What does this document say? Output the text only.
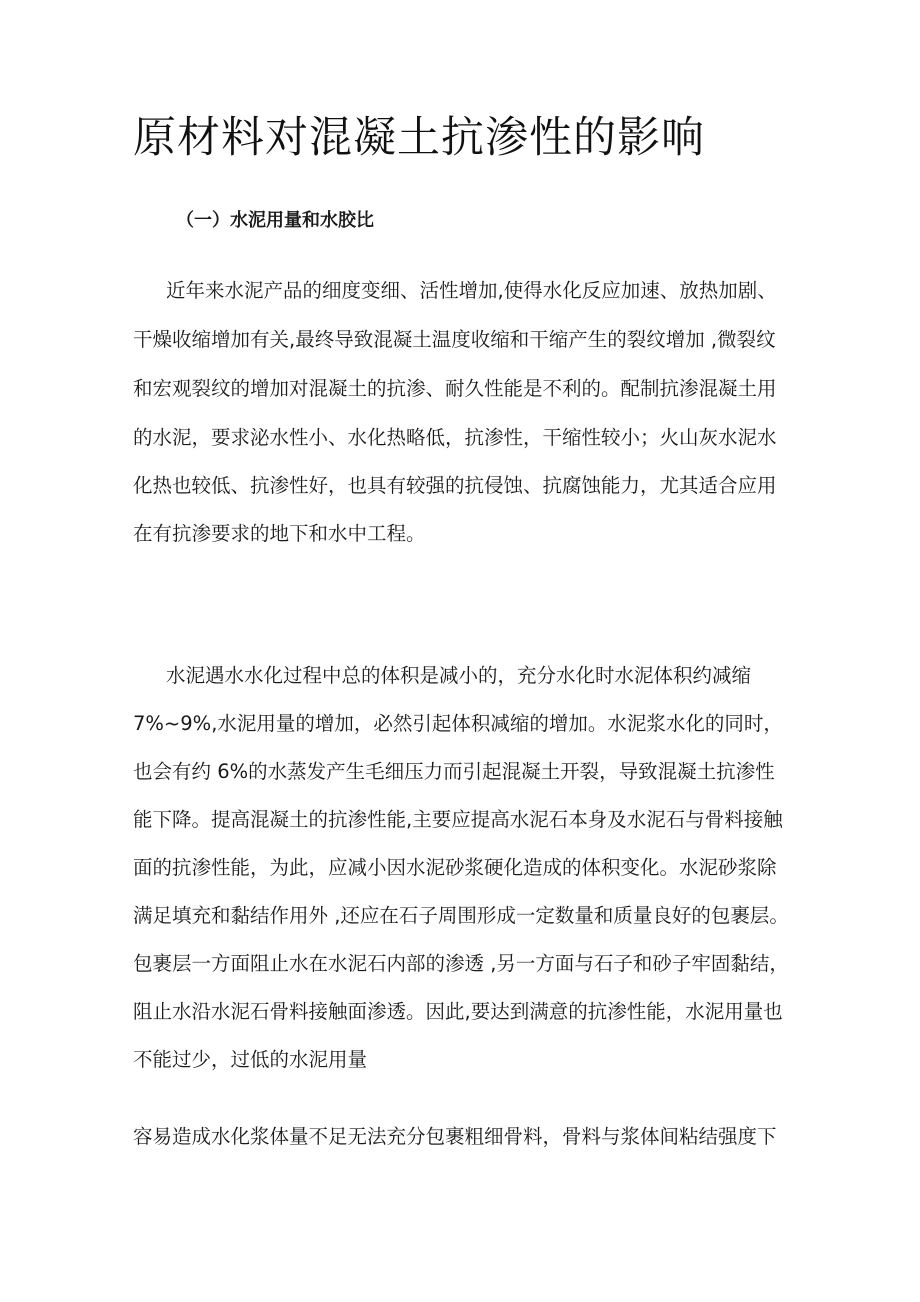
原材料对混凝土抗渗性的影响
（一）水泥用量和水胶比

近年来水泥产品的细度变细、活性增加,使得水化反应加速、放热加剧、

干燥收缩增加有关,最终导致混凝土温度收缩和干缩产生的裂纹增加 ,微裂纹

和宏观裂纹的增加对混凝土的抗渗、耐久性能是不利的。配制抗渗混凝土用

的水泥，要求泌水性小、水化热略低，抗渗性，干缩性较小；火山灰水泥水

化热也较低、抗渗性好，也具有较强的抗侵蚀、抗腐蚀能力，尤其适合应用

在有抗渗要求的地下和水中工程。

水泥遇水水化过程中总的体积是减小的，充分水化时水泥体积约减缩

7%~9%,水泥用量的增加，必然引起体积减缩的增加。水泥浆水化的同时，

也会有约 6%的水蒸发产生毛细压力而引起混凝土开裂，导致混凝土抗渗性

能下降。提高混凝土的抗渗性能,主要应提高水泥石本身及水泥石与骨料接触

面的抗渗性能，为此，应减小因水泥砂浆硬化造成的体积变化。水泥砂浆除

满足填充和黏结作用外 ,还应在石子周围形成一定数量和质量良好的包裹层。

包裹层一方面阻止水在水泥石内部的渗透 ,另一方面与石子和砂子牢固黏结，

阻止水沿水泥石骨料接触面渗透。因此,要达到满意的抗渗性能，水泥用量也

不能过少，过低的水泥用量

容易造成水化浆体量不足无法充分包裹粗细骨料，骨料与浆体间粘结强度下
